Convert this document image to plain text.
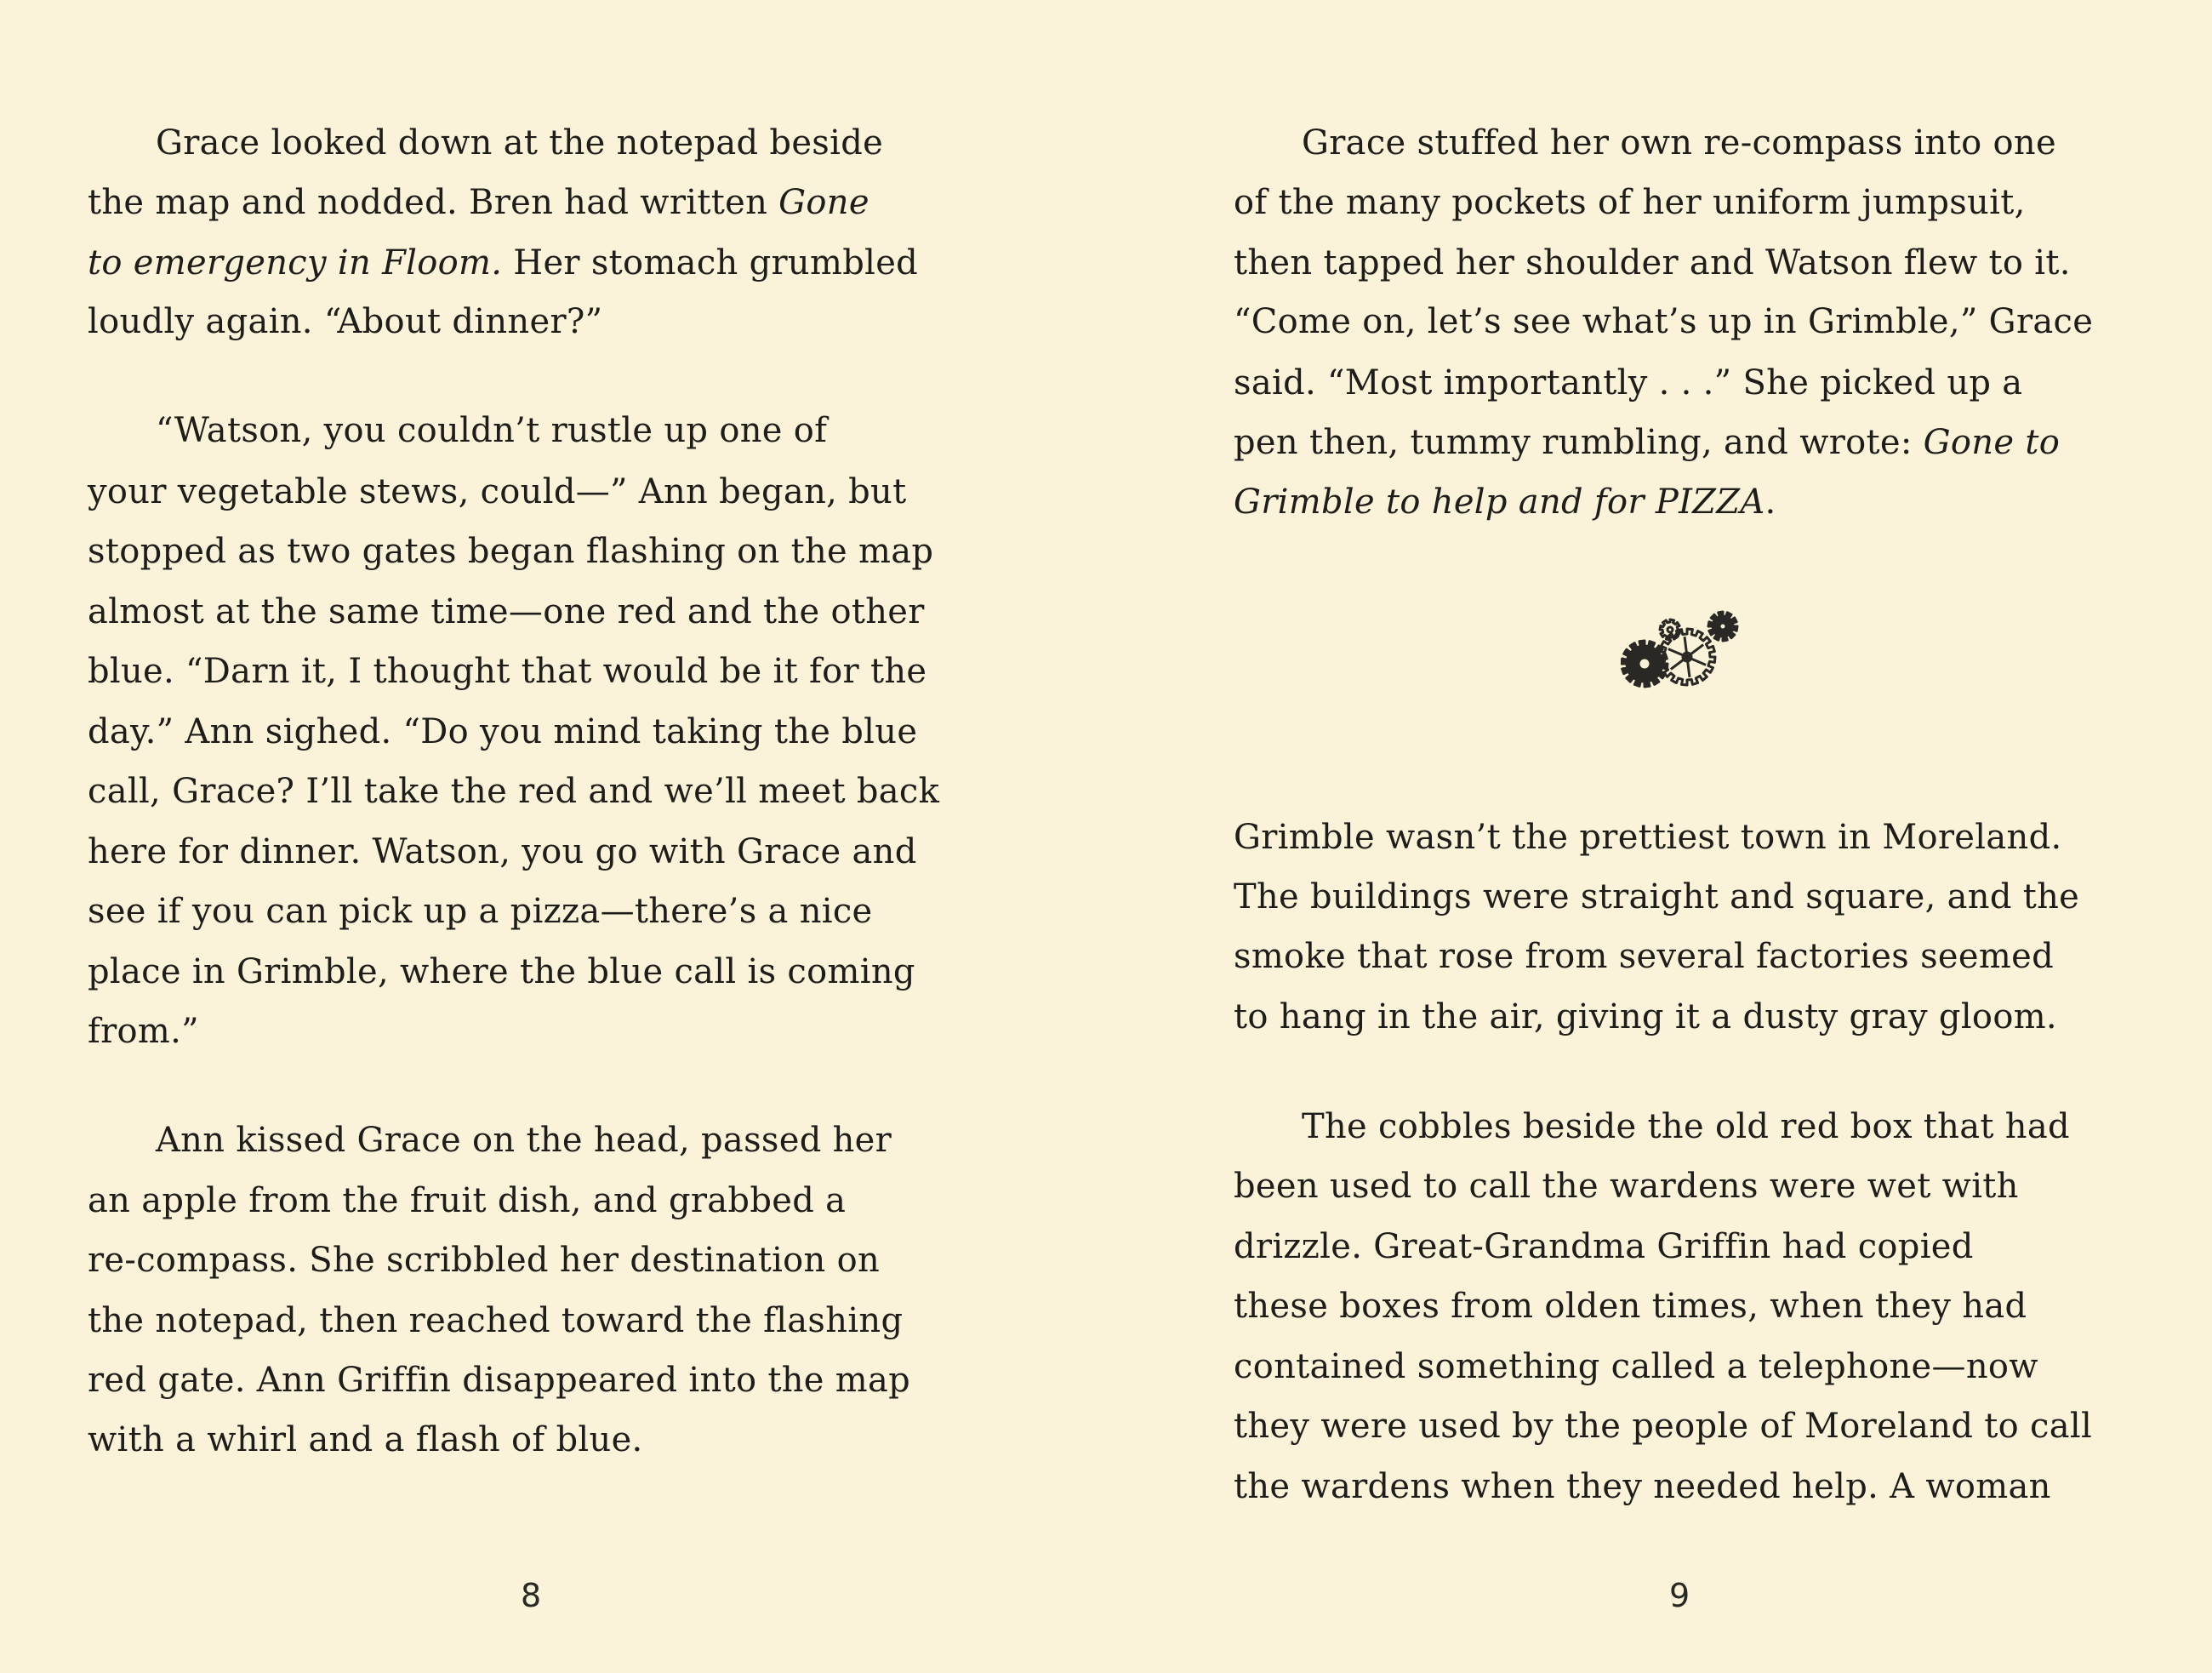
8
Grace looked down at the notepad beside
the map and nodded. Bren had written Gone
to emergency in Floom. Her stomach grumbled
loudly again. “About dinner?”
“Watson, you couldn’t rustle up one of
your vegetable stews, could—” Ann began, but
stopped as two gates began flashing on the map
almost at the same time—one red and the other
blue. “Darn it, I thought that would be it for the
day.” Ann sighed. “Do you mind taking the blue
call, Grace? I’ll take the red and we’ll meet back
here for dinner. Watson, you go with Grace and
see if you can pick up a pizza—there’s a nice
place in Grimble, where the blue call is coming
from.”
Ann kissed Grace on the head, passed her
an apple from the fruit dish, and grabbed a
re-compass. She scribbled her destination on
the notepad, then reached toward the flashing
red gate. Ann Griffin disappeared into the map
with a whirl and a flash of blue.
9
Grace stuffed her own re-compass into one
of the many pockets of her uniform jumpsuit,
then tapped her shoulder and Watson flew to it.
“Come on, let’s see what’s up in Grimble,” Grace
said. “Most importantly . . .” She picked up a
pen then, tummy rumbling, and wrote: Gone to
Grimble to help and for PIZZA.
Grimble wasn’t the prettiest town in Moreland.
The buildings were straight and square, and the
smoke that rose from several factories seemed
to hang in the air, giving it a dusty gray gloom.
The cobbles beside the old red box that had
been used to call the wardens were wet with
drizzle. Great-Grandma Griffin had copied
these boxes from olden times, when they had
contained something called a telephone—now
they were used by the people of Moreland to call
the wardens when they needed help. A woman
